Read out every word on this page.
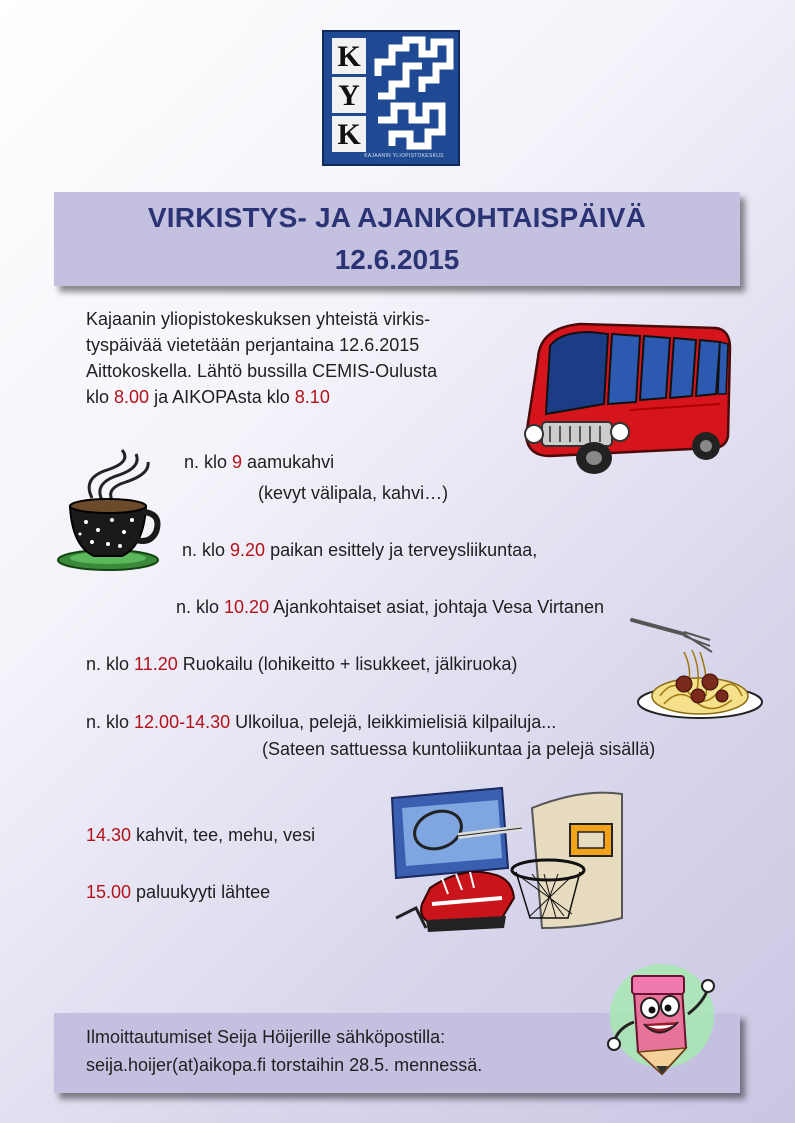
K
Y
K
KAJAANIN YLIOPISTOKESKUS
VIRKISTYS- JA AJANKOHTAISPÄIVÄ
12.6.2015
Kajaanin yliopistokeskuksen yhteistä virkis-
tyspäivää vietetään perjantaina 12.6.2015
Aittokoskella. Lähtö bussilla CEMIS-Oulusta
klo 8.00 ja AIKOPAsta klo 8.10
n. klo 9 aamukahvi
(kevyt välipala, kahvi…)
n. klo 9.20 paikan esittely ja terveysliikuntaa,
n. klo 10.20 Ajankohtaiset asiat, johtaja Vesa Virtanen
n. klo 11.20 Ruokailu (lohikeitto + lisukkeet, jälkiruoka)
n. klo 12.00-14.30 Ulkoilua, pelejä, leikkimielisiä kilpailuja...
(Sateen sattuessa kuntoliikuntaa ja pelejä sisällä)
14.30 kahvit, tee, mehu, vesi
15.00 paluukyyti lähtee
Ilmoittautumiset Seija Höijerille sähköpostilla:
seija.hoijer(at)aikopa.fi torstaihin 28.5. mennessä.
